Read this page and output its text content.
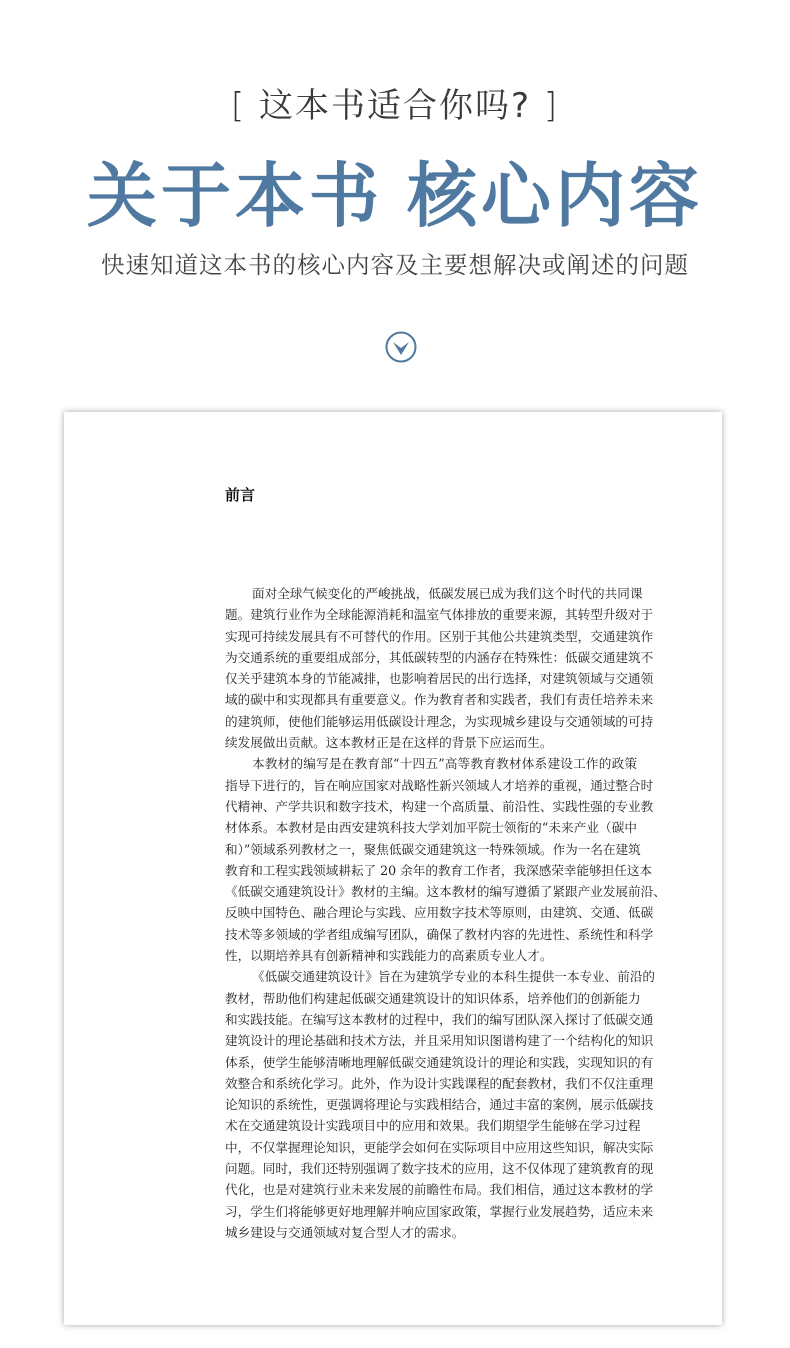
[ 这本书适合你吗? ]
关于本书 核心内容
快速知道这本书的核心内容及主要想解决或阐述的问题
前言
面对全球气候变化的严峻挑战，低碳发展已成为我们这个时代的共同课
题。建筑行业作为全球能源消耗和温室气体排放的重要来源，其转型升级对于
实现可持续发展具有不可替代的作用。区别于其他公共建筑类型，交通建筑作
为交通系统的重要组成部分，其低碳转型的内涵存在特殊性：低碳交通建筑不
仅关乎建筑本身的节能减排，也影响着居民的出行选择，对建筑领域与交通领
域的碳中和实现都具有重要意义。作为教育者和实践者，我们有责任培养未来
的建筑师，使他们能够运用低碳设计理念，为实现城乡建设与交通领域的可持
续发展做出贡献。这本教材正是在这样的背景下应运而生。
本教材的编写是在教育部“十四五”高等教育教材体系建设工作的政策
指导下进行的，旨在响应国家对战略性新兴领域人才培养的重视，通过整合时
代精神、产学共识和数字技术，构建一个高质量、前沿性、实践性强的专业教
材体系。本教材是由西安建筑科技大学刘加平院士领衔的“未来产业（碳中
和）”领域系列教材之一，聚焦低碳交通建筑这一特殊领域。作为一名在建筑
教育和工程实践领域耕耘了 20 余年的教育工作者，我深感荣幸能够担任这本
《低碳交通建筑设计》教材的主编。这本教材的编写遵循了紧跟产业发展前沿、
反映中国特色、融合理论与实践、应用数字技术等原则，由建筑、交通、低碳
技术等多领域的学者组成编写团队，确保了教材内容的先进性、系统性和科学
性，以期培养具有创新精神和实践能力的高素质专业人才。
《低碳交通建筑设计》旨在为建筑学专业的本科生提供一本专业、前沿的
教材，帮助他们构建起低碳交通建筑设计的知识体系，培养他们的创新能力
和实践技能。在编写这本教材的过程中，我们的编写团队深入探讨了低碳交通
建筑设计的理论基础和技术方法，并且采用知识图谱构建了一个结构化的知识
体系，使学生能够清晰地理解低碳交通建筑设计的理论和实践，实现知识的有
效整合和系统化学习。此外，作为设计实践课程的配套教材，我们不仅注重理
论知识的系统性，更强调将理论与实践相结合，通过丰富的案例，展示低碳技
术在交通建筑设计实践项目中的应用和效果。我们期望学生能够在学习过程
中，不仅掌握理论知识，更能学会如何在实际项目中应用这些知识，解决实际
问题。同时，我们还特别强调了数字技术的应用，这不仅体现了建筑教育的现
代化，也是对建筑行业未来发展的前瞻性布局。我们相信，通过这本教材的学
习，学生们将能够更好地理解并响应国家政策，掌握行业发展趋势，适应未来
城乡建设与交通领域对复合型人才的需求。
